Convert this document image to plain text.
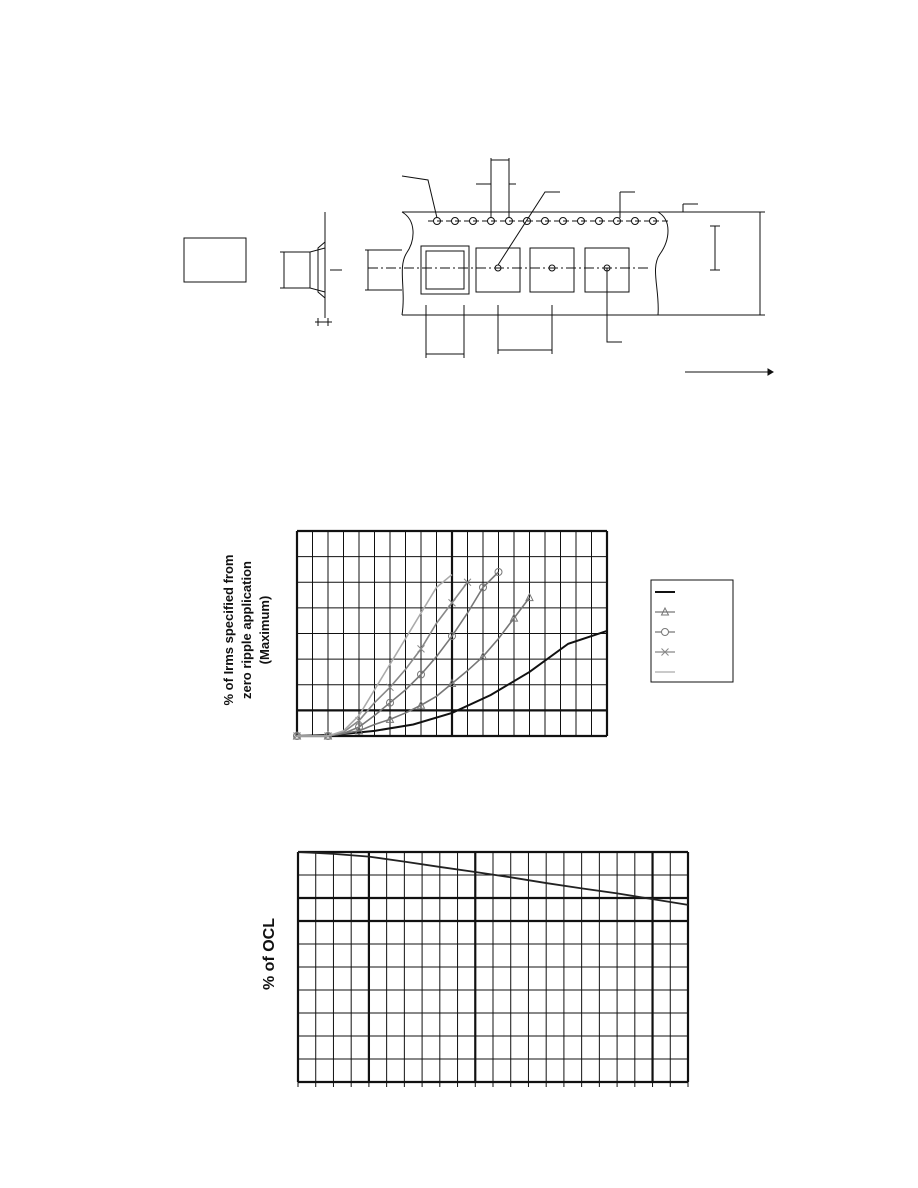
% of Irms specified from zero ripple application (Maximum)
% of OCL
